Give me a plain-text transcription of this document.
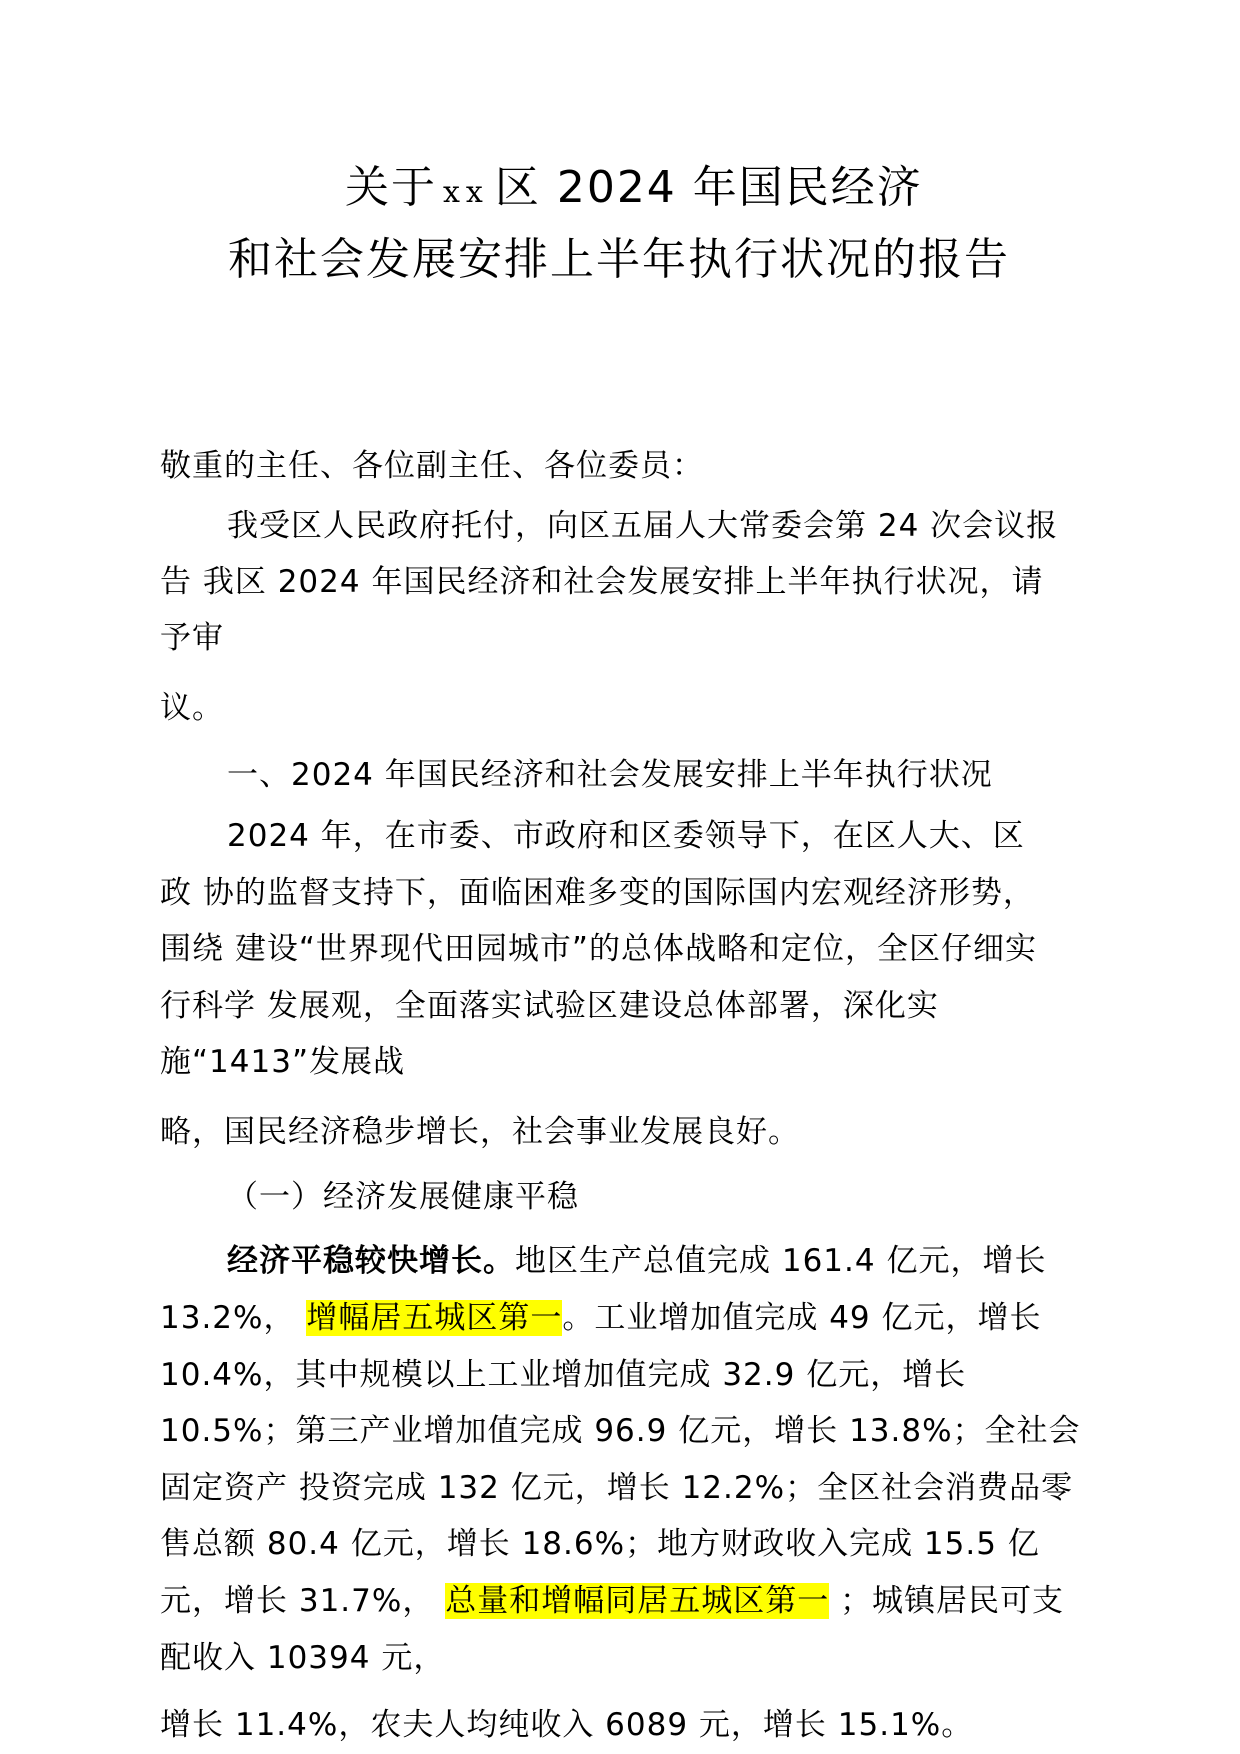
关于 xx 区 2024 年国民经济
和社会发展安排上半年执行状况的报告
敬重的主任、各位副主任、各位委员：
我受区人民政府托付，向区五届人大常委会第 24 次会议报
告 我区 2024 年国民经济和社会发展安排上半年执行状况，请
予审
议。
一、2024 年国民经济和社会发展安排上半年执行状况
2024 年，在市委、市政府和区委领导下，在区人大、区
政 协的监督支持下，面临困难多变的国际国内宏观经济形势，
围绕 建设“世界现代田园城市”的总体战略和定位，全区仔细实
行科学 发展观，全面落实试验区建设总体部署，深化实
施“1413”发展战
略，国民经济稳步增长，社会事业发展良好。
（一）经济发展健康平稳
经济平稳较快增长。地区生产总值完成 161.4 亿元，增长
13.2%， 增幅居五城区第一。工业增加值完成 49 亿元，增长
10.4%，其中规模以上工业增加值完成 32.9 亿元，增长
10.5%；第三产业增加值完成 96.9 亿元，增长 13.8%；全社会
固定资产 投资完成 132 亿元，增长 12.2%；全区社会消费品零
售总额 80.4 亿元，增长 18.6%；地方财政收入完成 15.5 亿
元，增长 31.7%， 总量和增幅同居五城区第一 ；城镇居民可支
配收入 10394 元，
增长 11.4%，农夫人均纯收入 6089 元，增长 15.1%。
